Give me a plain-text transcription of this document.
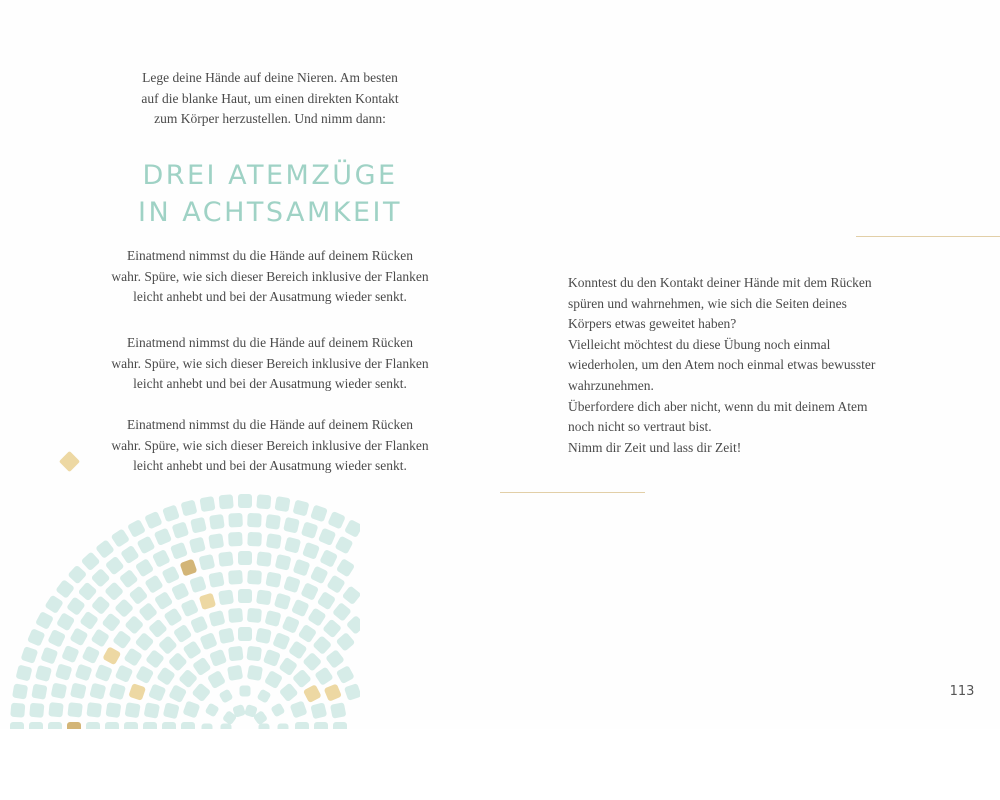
Lege deine Hände auf deine Nieren. Am besten
auf die blanke Haut, um einen direkten Kontakt
zum Körper herzustellen. Und nimm dann:

DREI ATEMZÜGE
IN ACHTSAMKEIT

Einatmend nimmst du die Hände auf deinem Rücken
wahr. Spüre, wie sich dieser Bereich inklusive der Flanken
leicht anhebt und bei der Ausatmung wieder senkt.

Einatmend nimmst du die Hände auf deinem Rücken
wahr. Spüre, wie sich dieser Bereich inklusive der Flanken
leicht anhebt und bei der Ausatmung wieder senkt.

Einatmend nimmst du die Hände auf deinem Rücken
wahr. Spüre, wie sich dieser Bereich inklusive der Flanken
leicht anhebt und bei der Ausatmung wieder senkt.

Konntest du den Kontakt deiner Hände mit dem Rücken
spüren und wahrnehmen, wie sich die Seiten deines
Körpers etwas geweitet haben?
Vielleicht möchtest du diese Übung noch einmal
wiederholen, um den Atem noch einmal etwas bewusster
wahrzunehmen.
Überfordere dich aber nicht, wenn du mit deinem Atem
noch nicht so vertraut bist.
Nimm dir Zeit und lass dir Zeit!

113
